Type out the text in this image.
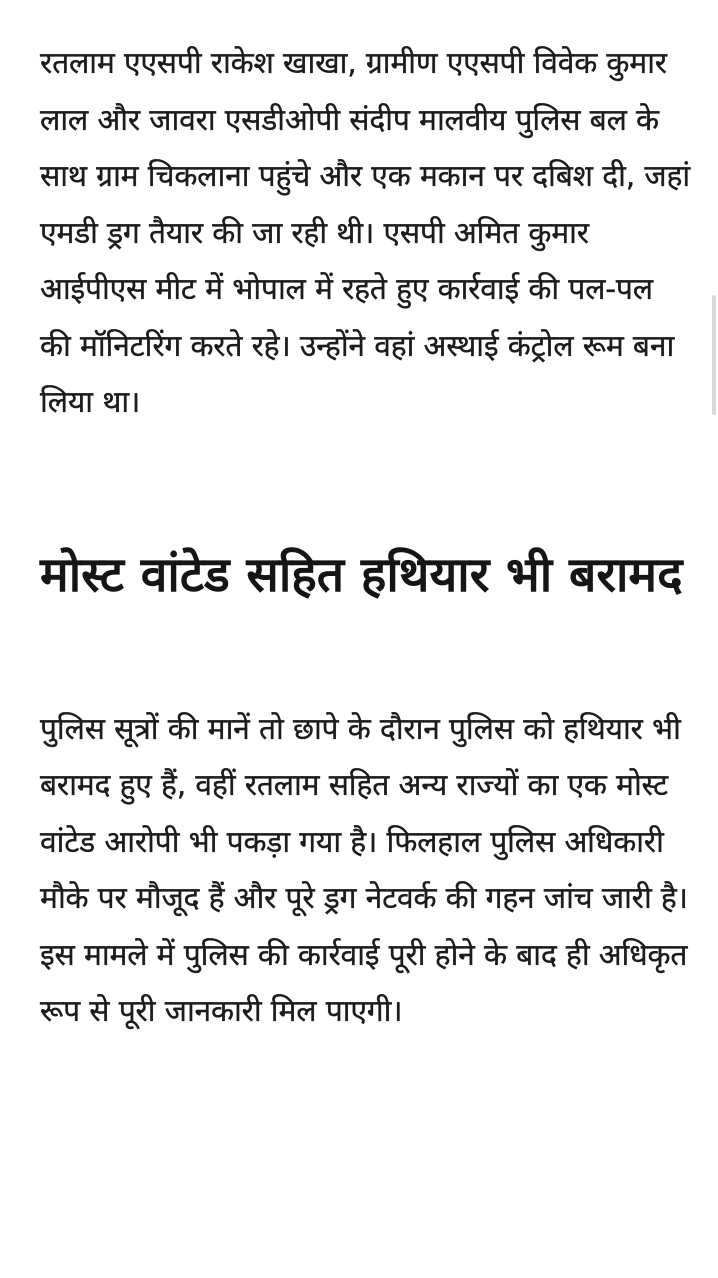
रतलाम एएसपी राकेश खाखा, ग्रामीण एएसपी विवेक कुमार लाल और जावरा एसडीओपी संदीप मालवीय पुलिस बल के साथ ग्राम चिकलाना पहुंचे और एक मकान पर दबिश दी, जहां एमडी ड्रग तैयार की जा रही थी। एसपी अमित कुमार आईपीएस मीट में भोपाल में रहते हुए कार्रवाई की पल-पल की मॉनिटरिंग करते रहे। उन्होंने वहां अस्थाई कंट्रोल रूम बना लिया था।

मोस्ट वांटेड सहित हथियार भी बरामद

पुलिस सूत्रों की मानें तो छापे के दौरान पुलिस को हथियार भी बरामद हुए हैं, वहीं रतलाम सहित अन्य राज्यों का एक मोस्ट वांटेड आरोपी भी पकड़ा गया है। फिलहाल पुलिस अधिकारी मौके पर मौजूद हैं और पूरे ड्रग नेटवर्क की गहन जांच जारी है। इस मामले में पुलिस की कार्रवाई पूरी होने के बाद ही अधिकृत रूप से पूरी जानकारी मिल पाएगी।
